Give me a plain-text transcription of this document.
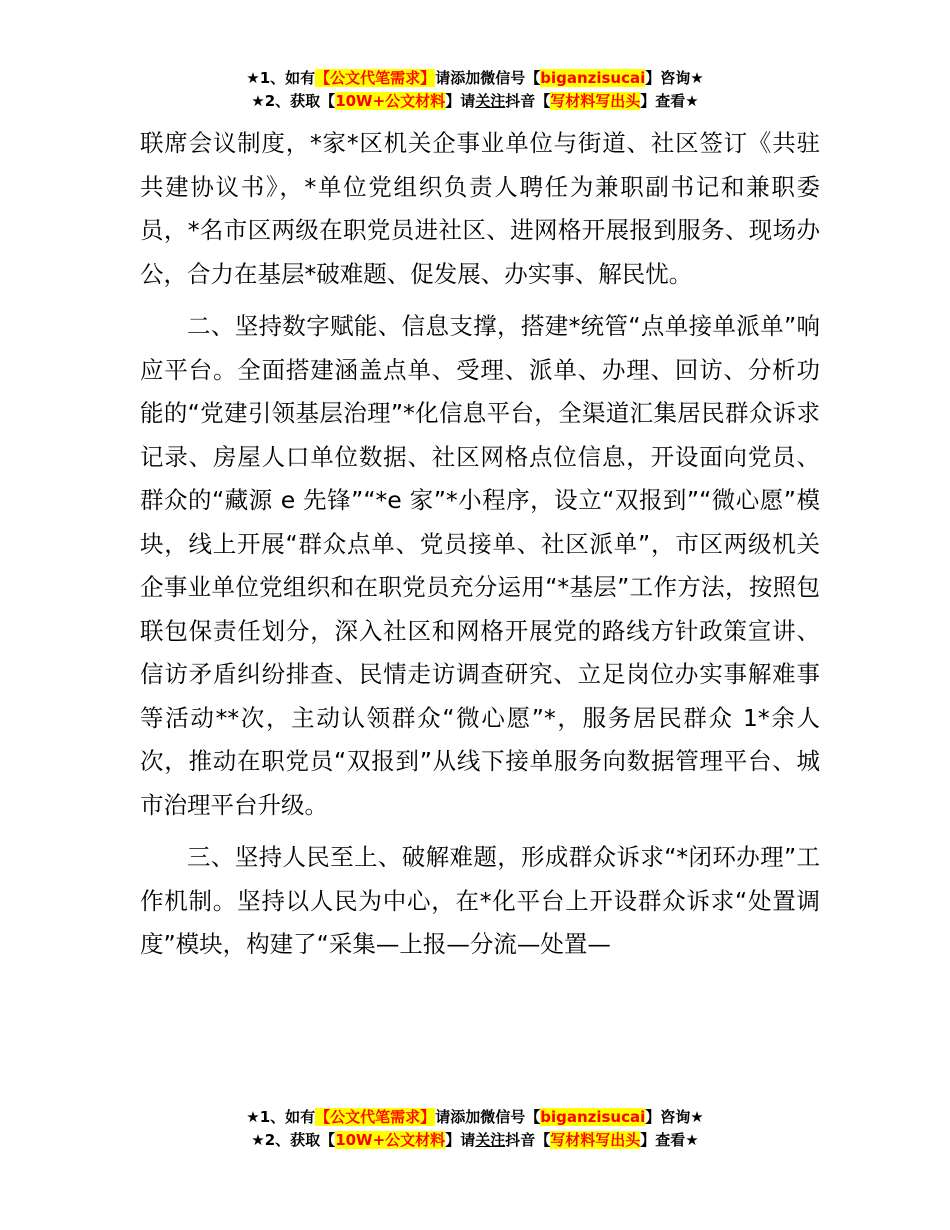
★1、如有【公文代笔需求】请添加微信号【biganzisucai】咨询★
★2、获取【10W+公文材料】请关注抖音【写材料写出头】查看★

联席会议制度，*家*区机关企事业单位与街道、社区签订《共驻共建协议书》，*单位党组织负责人聘任为兼职副书记和兼职委员，*名市区两级在职党员进社区、进网格开展报到服务、现场办公，合力在基层*破难题、促发展、办实事、解民忧。

二、坚持数字赋能、信息支撑，搭建*统管“点单接单派单”响应平台。全面搭建涵盖点单、受理、派单、办理、回访、分析功能的“党建引领基层治理”*化信息平台，全渠道汇集居民群众诉求记录、房屋人口单位数据、社区网格点位信息，开设面向党员、群众的“藏源 e 先锋”“*e 家”*小程序，设立“双报到”“微心愿”模块，线上开展“群众点单、党员接单、社区派单”，市区两级机关企事业单位党组织和在职党员充分运用“*基层”工作方法，按照包联包保责任划分，深入社区和网格开展党的路线方针政策宣讲、信访矛盾纠纷排查、民情走访调查研究、立足岗位办实事解难事等活动**次，主动认领群众“微心愿”*，服务居民群众 1*余人次，推动在职党员“双报到”从线下接单服务向数据管理平台、城市治理平台升级。

三、坚持人民至上、破解难题，形成群众诉求“*闭环办理”工作机制。坚持以人民为中心，在*化平台上开设群众诉求“处置调度”模块，构建了“采集—上报—分流—处置—

★1、如有【公文代笔需求】请添加微信号【biganzisucai】咨询★
★2、获取【10W+公文材料】请关注抖音【写材料写出头】查看★
